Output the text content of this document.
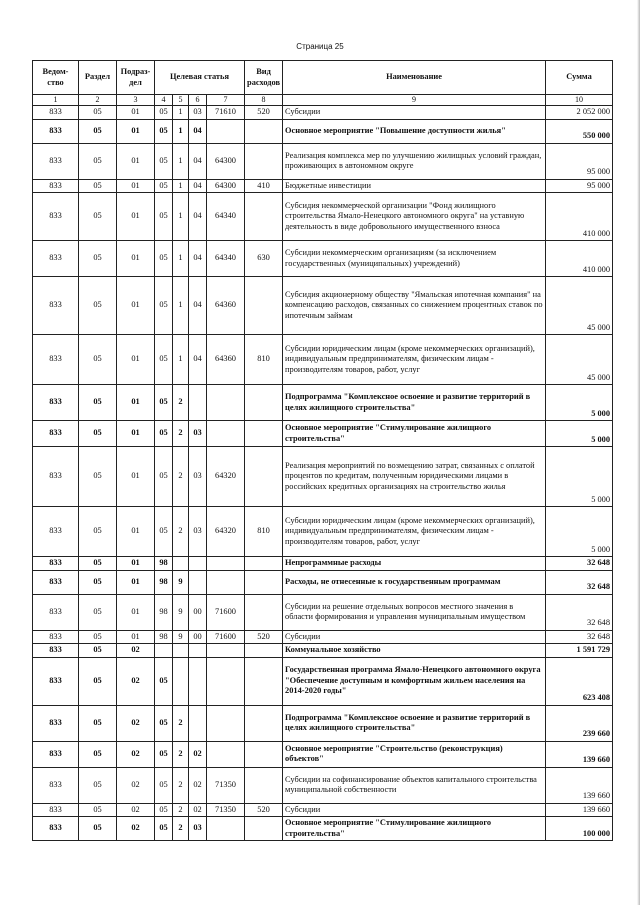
Страница 25
Ведом-ство	Раздел	Подраз-дел	Целевая статья				Вид расходов	Наименование	Сумма

1	2	3	4	5	6	7	8	9	10
833	05	01	05	1	03	71610	520	Субсидии	2 052 000
833	05	01	05	1	04			Основное мероприятие "Повышение доступности жилья"	550 000
833	05	01	05	1	04	64300		Реализация комплекса мер по улучшению жилищных условий граждан, проживающих в автономном округе	95 000
833	05	01	05	1	04	64300	410	Бюджетные инвестиции	95 000
833	05	01	05	1	04	64340		Субсидия некоммерческой организации "Фонд жилищного строительства Ямало-Ненецкого автономного округа" на уставную деятельность в виде добровольного имущественного взноса	410 000
833	05	01	05	1	04	64340	630	Субсидии некоммерческим организациям (за исключением государственных (муниципальных) учреждений)	410 000
833	05	01	05	1	04	64360		Субсидия акционерному обществу "Ямальская ипотечная компания" на компенсацию расходов, связанных со снижением процентных ставок по ипотечным займам	45 000
833	05	01	05	1	04	64360	810	Субсидии юридическим лицам (кроме некоммерческих организаций), индивидуальным предпринимателям, физическим лицам - производителям товаров, работ, услуг	45 000
833	05	01	05	2				Подпрограмма "Комплексное освоение и развитие территорий в целях жилищного строительства"	5 000
833	05	01	05	2	03			Основное мероприятие "Стимулирование жилищного строительства"	5 000
833	05	01	05	2	03	64320		Реализация мероприятий по возмещению затрат, связанных с оплатой процентов по кредитам, полученным юридическими лицами в российских кредитных организациях на строительство жилья	5 000
833	05	01	05	2	03	64320	810	Субсидии юридическим лицам (кроме некоммерческих организаций), индивидуальным предпринимателям, физическим лицам - производителям товаров, работ, услуг	5 000
833	05	01	98					Непрограммные расходы	32 648
833	05	01	98	9				Расходы, не отнесенные к государственным программам	32 648
833	05	01	98	9	00	71600		Субсидии на решение отдельных вопросов местного значения в области формирования и управления муниципальным имуществом	32 648
833	05	01	98	9	00	71600	520	Субсидии	32 648
833	05	02						Коммунальное хозяйство	1 591 729
833	05	02	05					Государственная программа Ямало-Ненецкого автономного округа "Обеспечение доступным и комфортным жильем населения на 2014-2020 годы"	623 408
833	05	02	05	2				Подпрограмма "Комплексное освоение и развитие территорий в целях жилищного строительства"	239 660
833	05	02	05	2	02			Основное мероприятие "Строительство (реконструкция) объектов"	139 660
833	05	02	05	2	02	71350		Субсидии на софинансирование объектов капитального строительства муниципальной собственности	139 660
833	05	02	05	2	02	71350	520	Субсидии	139 660
833	05	02	05	2	03			Основное мероприятие "Стимулирование жилищного строительства"	100 000
